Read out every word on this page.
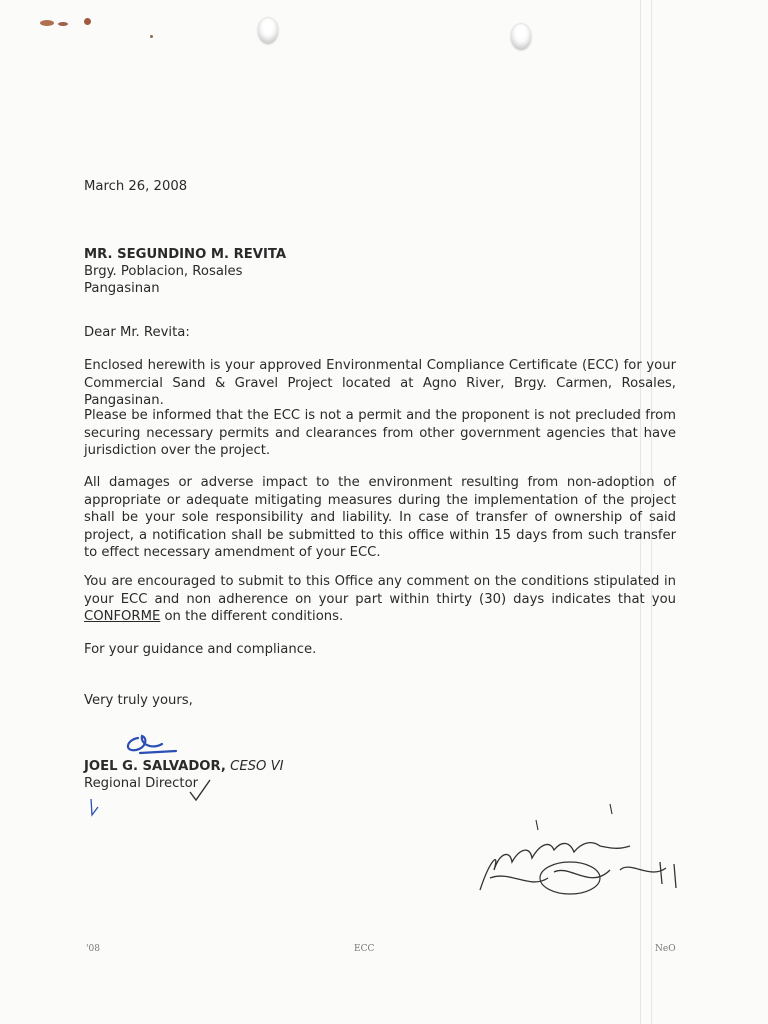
March 26, 2008
MR. SEGUNDINO M. REVITA
Brgy. Poblacion, Rosales
Pangasinan
Dear Mr. Revita:
Enclosed herewith is your approved Environmental Compliance Certificate (ECC) for your Commercial Sand & Gravel Project located at Agno River, Brgy. Carmen, Rosales, Pangasinan.
Please be informed that the ECC is not a permit and the proponent is not precluded from securing necessary permits and clearances from other government agencies that have jurisdiction over the project.
All damages or adverse impact to the environment resulting from non-adoption of appropriate or adequate mitigating measures during the implementation of the project shall be your sole responsibility and liability. In case of transfer of ownership of said project, a notification shall be submitted to this office within 15 days from such transfer to effect necessary amendment of your ECC.
You are encouraged to submit to this Office any comment on the conditions stipulated in your ECC and non adherence on your part within thirty (30) days indicates that you CONFORME on the different conditions.
For your guidance and compliance.
Very truly yours,
JOEL G. SALVADOR, CESO VI
Regional Director
'08	ECC	NeO
